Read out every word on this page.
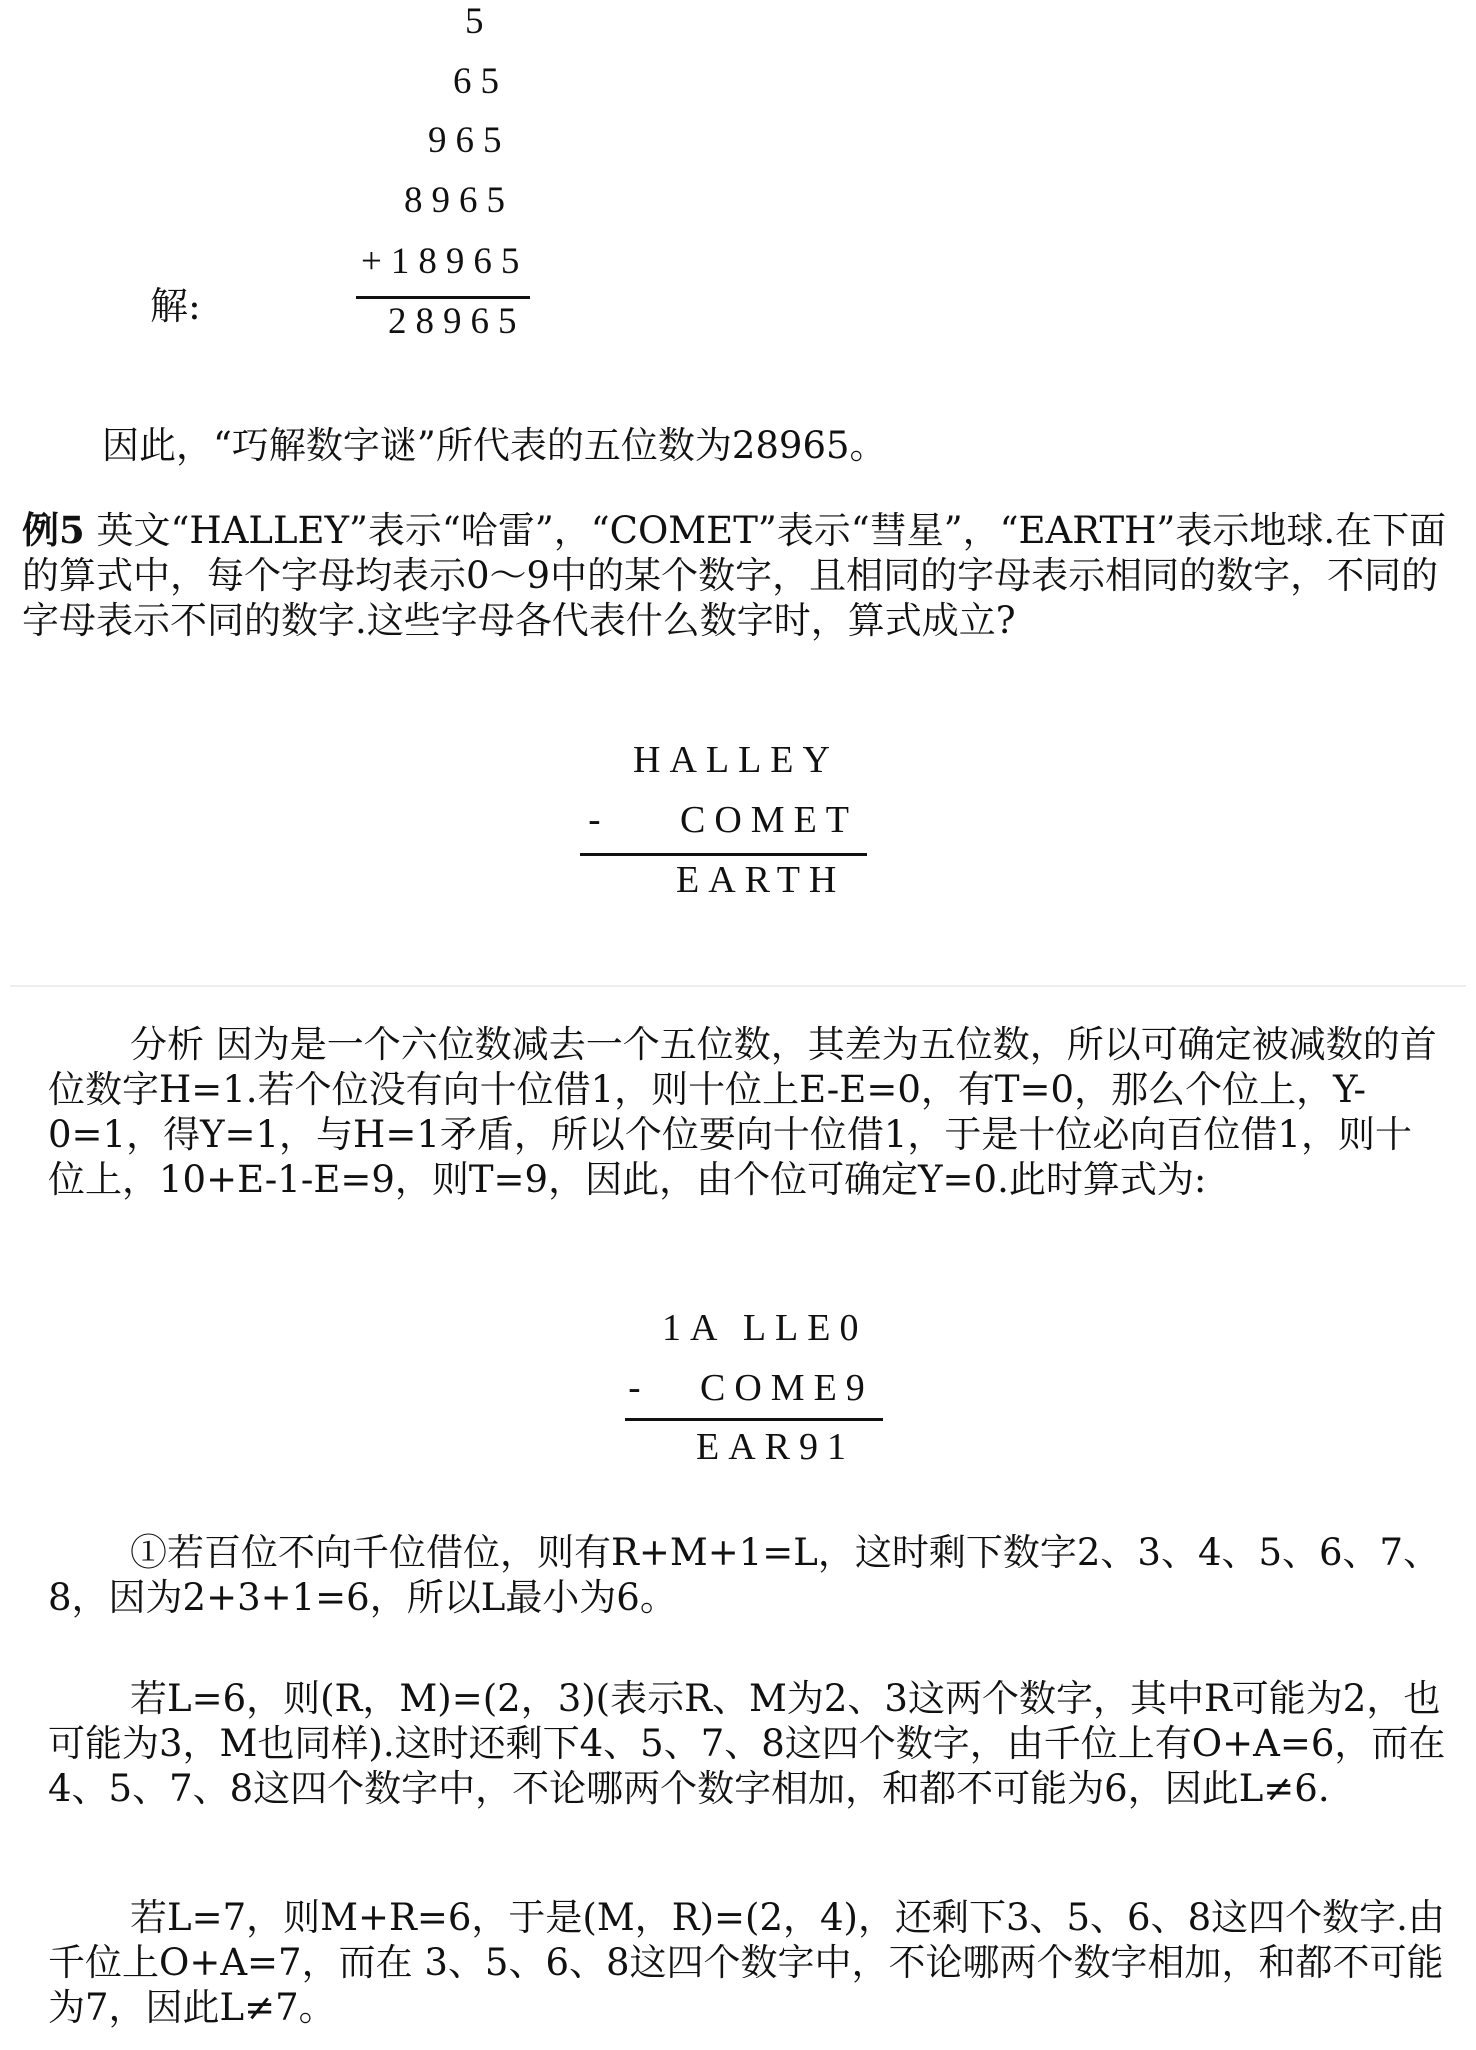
5
65
965
8965
+18965
解:	28965
因此，“巧解数字谜”所代表的五位数为28965。
例5 英文“HALLEY”表示“哈雷”，“COMET”表示“彗星”，“EARTH”表示地球.在下面的算式中，每个字母均表示0～9中的某个数字，且相同的字母表示相同的数字，不同的字母表示不同的数字.这些字母各代表什么数字时，算式成立?
HALLEY
- COMET
EARTH
分析 因为是一个六位数减去一个五位数，其差为五位数，所以可确定被减数的首位数字H=1.若个位没有向十位借1，则十位上E-E=0，有T=0，那么个位上，Y-0=1，得Y=1，与H=1矛盾，所以个位要向十位借1，于是十位必向百位借1，则十位上，10+E-1-E=9，则T=9，因此，由个位可确定Y=0.此时算式为:
1A LLE0
- COME9
EAR91
①若百位不向千位借位，则有R+M+1=L，这时剩下数字2、3、4、5、6、7、8，因为2+3+1=6，所以L最小为6。
若L=6，则(R，M)=(2，3)(表示R、M为2、3这两个数字，其中R可能为2，也可能为3，M也同样).这时还剩下4、5、7、8这四个数字，由千位上有O+A=6，而在4、5、7、8这四个数字中，不论哪两个数字相加，和都不可能为6，因此L≠6.
若L=7，则M+R=6，于是(M，R)=(2，4)，还剩下3、5、6、8这四个数字.由千位上O+A=7，而在 3、5、6、8这四个数字中，不论哪两个数字相加，和都不可能为7，因此L≠7。
